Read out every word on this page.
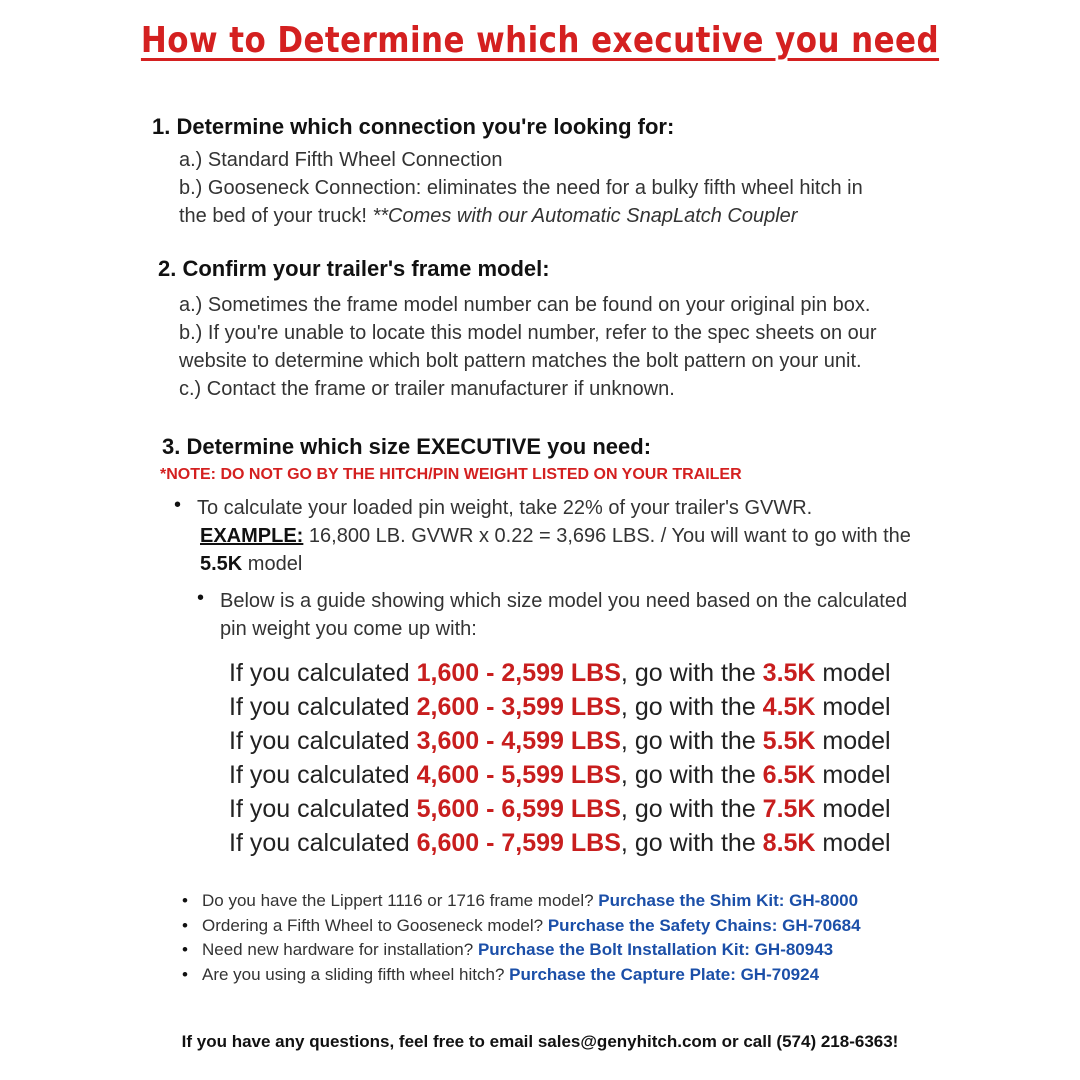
How to Determine which executive you need
1. Determine which connection you're looking for:
a.) Standard Fifth Wheel Connection
b.) Gooseneck Connection: eliminates the need for a bulky fifth wheel hitch in
the bed of your truck! **Comes with our Automatic SnapLatch Coupler
2. Confirm your trailer's frame model:
a.) Sometimes the frame model number can be found on your original pin box.
b.) If you're unable to locate this model number, refer to the spec sheets on our
website to determine which bolt pattern matches the bolt pattern on your unit.
c.) Contact the frame or trailer manufacturer if unknown.
3. Determine which size EXECUTIVE you need:
*NOTE: DO NOT GO BY THE HITCH/PIN WEIGHT LISTED ON YOUR TRAILER
• To calculate your loaded pin weight, take 22% of your trailer's GVWR.
EXAMPLE: 16,800 LB. GVWR x 0.22 = 3,696 LBS. / You will want to go with the
5.5K model
• Below is a guide showing which size model you need based on the calculated
pin weight you come up with:
If you calculated 1,600 - 2,599 LBS, go with the 3.5K model
If you calculated 2,600 - 3,599 LBS, go with the 4.5K model
If you calculated 3,600 - 4,599 LBS, go with the 5.5K model
If you calculated 4,600 - 5,599 LBS, go with the 6.5K model
If you calculated 5,600 - 6,599 LBS, go with the 7.5K model
If you calculated 6,600 - 7,599 LBS, go with the 8.5K model
• Do you have the Lippert 1116 or 1716 frame model? Purchase the Shim Kit: GH-8000
• Ordering a Fifth Wheel to Gooseneck model? Purchase the Safety Chains: GH-70684
• Need new hardware for installation? Purchase the Bolt Installation Kit: GH-80943
• Are you using a sliding fifth wheel hitch? Purchase the Capture Plate: GH-70924
If you have any questions, feel free to email sales@genyhitch.com or call (574) 218-6363!
